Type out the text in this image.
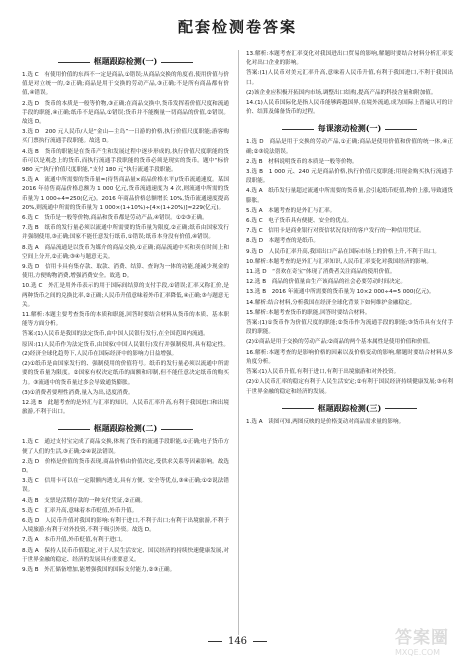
配套检测卷答案
框题跟踪检测(一)

1.选 C　有使用价值的东西不一定是商品,①错误;从商品交换的角度看,使用价值与价值是对立统一的,②正确;商品是用于交换的劳动产品,③正确;不是所有商品都有价值,④错误。

2.选 D　货币的本质是一般等价物,③正确;在商品交换中,货币发挥着价值尺度和流通手段的职能,④正确;纸币不是商品,①错误;货币并不能衡量一切商品的价值,②错误。故选 D。

3.选 D　200 元人民币/人是“金山—主岛”一日游的价格,执行价值尺度职能;游客购买门票执行流通手段职能。故选 D。

4.选 B　货币的职能是在货币产生和发展过程中逐步形成的,执行价值尺度职能的货币可以是观念上的货币,而执行流通手段职能的货币必须是现实的货币。题中“标价 980 元”执行价值尺度职能,“支付 180 元”执行流通手段职能。

5.选 A　流通中所需要的货币量=(待售商品量×商品价格水平)/货币流通速度。某国 2016 年待售商品价格总额为 1 000 亿元,货币流通速度为 4 次,则流通中所需的货币量为 1 000÷4=250(亿元)。2016 年商品价格总额增长 10%,货币流通速度提高 20%,则流通中所需的货币量为 1 000×(1+10%)÷[4×(1+20%)]≈229(亿元)。

6.选 C　货币是一般等价物,商品和货币都是劳动产品,④错误。①②③正确。

7.选 B　纸币的发行量必须以流通中所需要的货币量为限度,②正确;纸币由国家发行并强制使用,③正确;国家不能任意发行纸币,①错误;纸币本身没有价值,④错误。

8.选 A　商品流通是以货币为媒介的商品交换,①正确;商品流通中买和卖在时间上和空间上分开,②正确;③④与题意无关。

9.选 D　信用卡具有集存款、取款、消费、结算、查询为一体的功能,能减少现金的使用,方便购物消费,增强消费安全。故选 D。

10.选 C　外汇是用外币表示的用于国际间结算的支付手段,①错误;汇率又称汇价,是两种货币之间的兑换比率,②正确;人民币升值意味着外币汇率降低,④正确;③与题意无关。

11.解析:本题主要考查货币的本质和职能,回答时要结合材料从货币的本质、基本职能等方面分析。

答案:(1)人民币是我国的法定货币,由中国人民银行发行,在全国范围内流通。

原因:(1)人民币作为法定货币,由国家(中国人民银行)发行并强制使用,具有稳定性。(2)经济全球化趋势下,人民币在国际经济中的影响力日益增强。

(2)①纸币是由国家发行的、强制使用的价值符号。纸币的发行量必须以流通中所需要的货币量为限度。②国家有权决定纸币的面额和印制,但不能任意决定纸币的购买力。③流通中的货币量过多会导致通货膨胀。

(3)①消费者要理性消费,量入为出,适度消费。

12.选 B　此题考查的是外汇与汇率的知识。人民币汇率升高,有利于我国进口和出境旅游,不利于出口。

框题跟踪检测(二)

1.选 C　通过支付宝完成了商品交换,体现了货币的流通手段职能,①正确;电子货币方便了人们的生活,③正确;②④说法错误。

2.选 D　价格是价值的货币表现,商品价格由价值决定,受供求关系等因素影响。故选 D。

3.选 C　信用卡可以在一定限额内透支,具有方便、安全等优点,③④正确;①②说法错误。

4.选 B　支票是活期存款的一种支付凭证,②正确。

5.选 C　汇率升高,意味着本币贬值,外币升值。

6.选 D　人民币升值对我国的影响:有利于进口,不利于出口;有利于出境旅游,不利于入境旅游;有利于对外投资,不利于吸引外资。故选 D。

7.选 A　本币升值,外币贬值,有利于进口。

8.选 A　保持人民币币值稳定,对于人民生活安定、国民经济的持续快速健康发展,对于世界金融的稳定、经济的发展具有重要意义。

9.选 B　外汇储备增加,能增强我国的国际支付能力,②③正确。

13.解析:本题考查汇率变化对我国进出口贸易的影响,解题时要结合材料分析汇率变化对出口企业的影响。

答案:(1)人民币对美元汇率升高,意味着人民币升值,有利于我国进口,不利于我国出口。

(2)该企业应积极开拓国内市场,调整出口结构,提高产品的科技含量和附加值。

14.(1)人民币国际化是指人民币能够跨越国界,在境外流通,成为国际上普遍认可的计价、结算及储备货币的过程。

每课滚动检测(一)

1.选 D　商品是用于交换的劳动产品,①正确;商品是使用价值和价值的统一体,④正确;②③说法错误。

2.选 B　材料说明货币的本质是一般等价物。

3.选 B　1 000 元、240 元是商品价格,执行价值尺度职能;用现金购买执行流通手段职能。

4.选 A　纸币发行量超过流通中所需要的货币量,会引起纸币贬值,物价上涨,导致通货膨胀。

5.选 A　本题考查的是外汇与汇率。

6.选 C　电子货币具有便捷、安全的优点。

7.选 C　信用卡是商业银行对资信状况良好的客户发行的一种信用凭证。

8.选 D　本题考查的是纸币。

9.选 D　人民币汇率升高,我国出口产品在国际市场上的价格上升,不利于出口。

10.解析:本题考查的是外汇与汇率知识,人民币汇率变化对我国经济的影响。

11.选 D　“喜欢在奇宝”体现了消费者关注商品的使用价值。

12.选 B　商品的价值量由生产该商品的社会必要劳动时间决定。

13.选 B　2016 年流通中所需要的货币量为 10×2 000÷4=5 000(亿元)。

14.解析:结合材料,分析我国在经济全球化背景下如何维护金融稳定。

15.解析:本题考查货币的职能,回答时要结合材料。

答案:(1)①货币作为价值尺度的职能;②货币作为流通手段的职能;③货币具有支付手段的职能。

(2)①商品是用于交换的劳动产品;②商品的两个基本属性是使用价值和价值。

16.解析:本题考查的是影响价格的因素以及价格变动的影响,解题时要结合材料从多角度分析。

答案:(1)人民币升值,有利于进口,有利于出境旅游和对外投资。

(2)①人民币汇率的稳定有利于人民生活安定;②有利于国民经济持续健康发展;③有利于世界金融的稳定和经济的发展。

框题跟踪检测(三)

1.选 A　读图可知,两图反映的是价格变动对商品需求量的影响。

146	答案圈
MXQE.COM
